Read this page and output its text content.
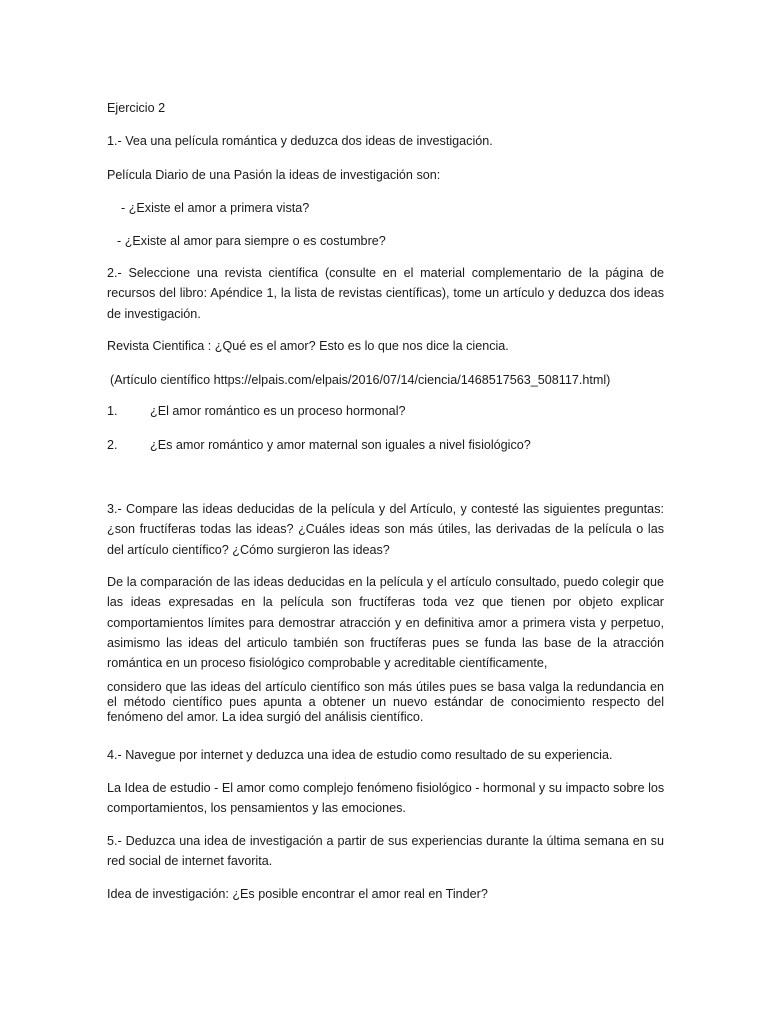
Ejercicio 2
1.- Vea una película romántica y deduzca dos ideas de investigación.
Película Diario de una Pasión la ideas de investigación son:
- ¿Existe el amor a primera vista?
- ¿Existe al amor para siempre o es costumbre?
2.- Seleccione una revista científica (consulte en el material complementario de la página de recursos del libro: Apéndice 1, la lista de revistas científicas), tome un artículo y deduzca dos ideas de investigación.
Revista Cientifica : ¿Qué es el amor? Esto es lo que nos dice la ciencia.
(Artículo científico https://elpais.com/elpais/2016/07/14/ciencia/1468517563_508117.html)
1.	¿El amor romántico es un proceso hormonal?
2.	¿Es amor romántico y amor maternal son iguales a nivel fisiológico?
3.- Compare las ideas deducidas de la película y del Artículo, y contesté las siguientes preguntas: ¿son fructíferas todas las ideas? ¿Cuáles ideas son más útiles, las derivadas de la película o las del artículo científico? ¿Cómo surgieron las ideas?
De la comparación de las ideas deducidas en la película y el artículo consultado, puedo colegir que las ideas expresadas en la película son fructíferas toda vez que tienen por objeto explicar comportamientos límites para demostrar atracción y en definitiva amor a primera vista y perpetuo, asimismo las ideas del articulo también son fructíferas pues se funda las base de la atracción romántica en un proceso fisiológico comprobable y acreditable científicamente,
considero que las ideas del artículo científico son más útiles pues se basa valga la redundancia en el método científico pues apunta a obtener un nuevo estándar de conocimiento respecto del fenómeno del amor. La idea surgió del análisis científico.
4.- Navegue por internet y deduzca una idea de estudio como resultado de su experiencia.
La Idea de estudio - El amor como complejo fenómeno fisiológico - hormonal y su impacto sobre los comportamientos, los pensamientos y las emociones.
5.- Deduzca una idea de investigación a partir de sus experiencias durante la última semana en su red social de internet favorita.
Idea de investigación: ¿Es posible encontrar el amor real en Tinder?
